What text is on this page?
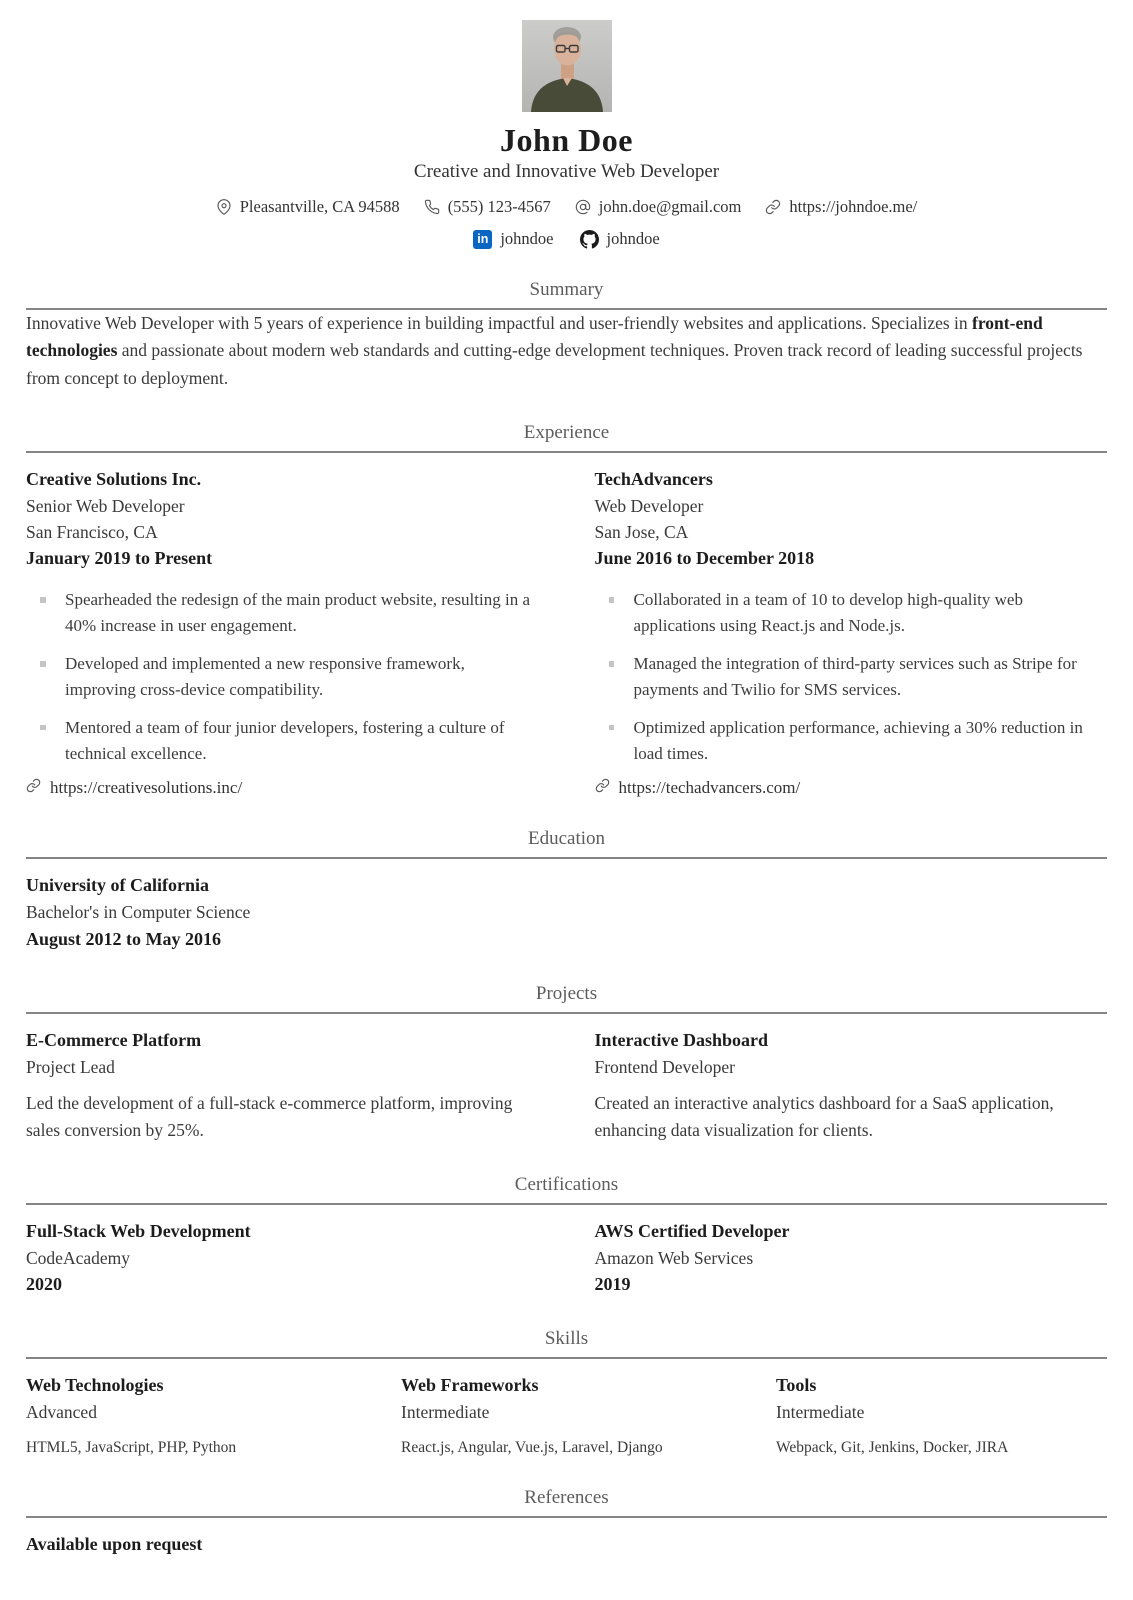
John Doe
Creative and Innovative Web Developer
Pleasantville, CA 94588	(555) 123-4567	john.doe@gmail.com	https://johndoe.me/
in johndoe	johndoe
Summary

Innovative Web Developer with 5 years of experience in building impactful and user-friendly websites and applications. Specializes in front-end technologies and passionate about modern web standards and cutting-edge development techniques. Proven track record of leading successful projects from concept to deployment.

Experience
Creative Solutions Inc.
Senior Web Developer
San Francisco, CA
January 2019 to Present
Spearheaded the redesign of the main product website, resulting in a 40% increase in user engagement.
Developed and implemented a new responsive framework, improving cross-device compatibility.
Mentored a team of four junior developers, fostering a culture of technical excellence.
https://creativesolutions.inc/
TechAdvancers
Web Developer
San Jose, CA
June 2016 to December 2018
Collaborated in a team of 10 to develop high-quality web applications using React.js and Node.js.
Managed the integration of third-party services such as Stripe for payments and Twilio for SMS services.
Optimized application performance, achieving a 30% reduction in load times.
https://techadvancers.com/
Education
University of California
Bachelor's in Computer Science
August 2012 to May 2016
Projects
E-Commerce Platform
Project Lead
Led the development of a full-stack e-commerce platform, improving sales conversion by 25%.
Interactive Dashboard
Frontend Developer
Created an interactive analytics dashboard for a SaaS application, enhancing data visualization for clients.
Certifications
Full-Stack Web Development
CodeAcademy
2020
AWS Certified Developer
Amazon Web Services
2019
Skills
Web Technologies
Advanced
HTML5, JavaScript, PHP, Python
Web Frameworks
Intermediate
React.js, Angular, Vue.js, Laravel, Django
Tools
Intermediate
Webpack, Git, Jenkins, Docker, JIRA
References
Available upon request
